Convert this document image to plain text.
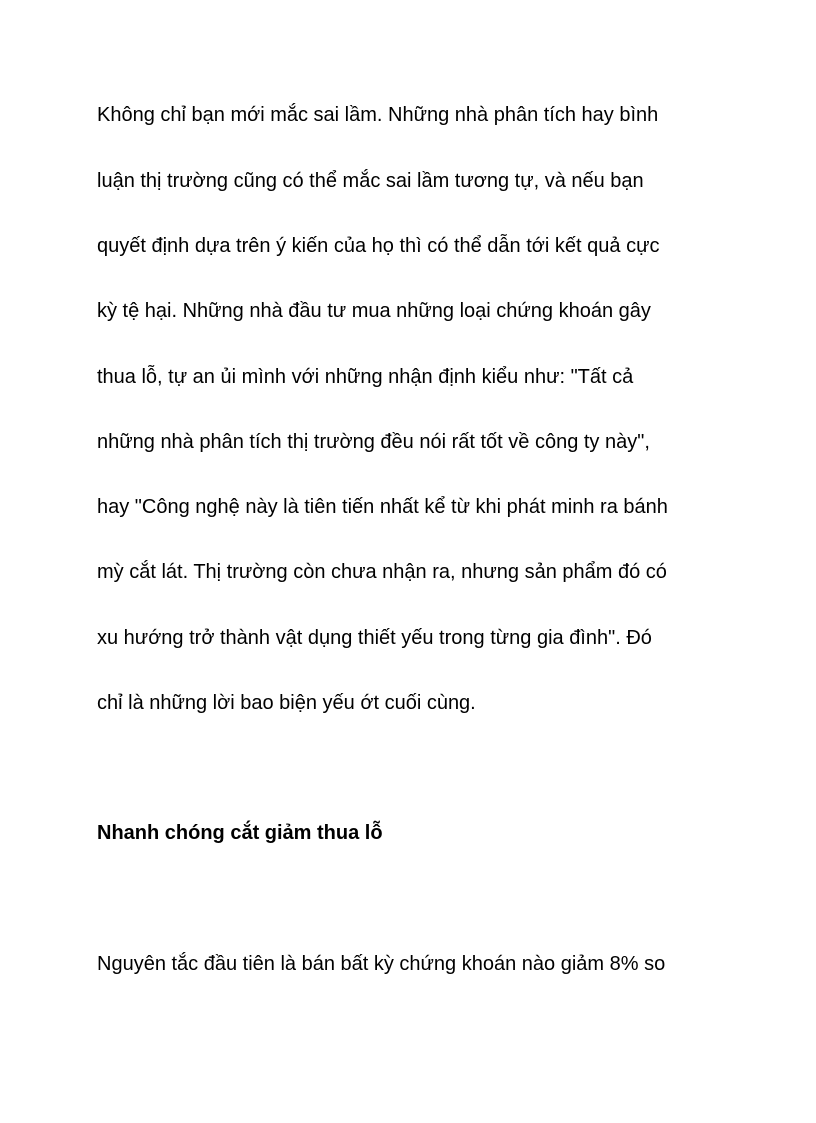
Không chỉ bạn mới mắc sai lầm. Những nhà phân tích hay bình
luận thị trường cũng có thể mắc sai lầm tương tự, và nếu bạn
quyết định dựa trên ý kiến của họ thì có thể dẫn tới kết quả cực
kỳ tệ hại. Những nhà đầu tư mua những loại chứng khoán gây
thua lỗ, tự an ủi mình với những nhận định kiểu như: "Tất cả
những nhà phân tích thị trường đều nói rất tốt về công ty này",
hay "Công nghệ này là tiên tiến nhất kể từ khi phát minh ra bánh
mỳ cắt lát. Thị trường còn chưa nhận ra, nhưng sản phẩm đó có
xu hướng trở thành vật dụng thiết yếu trong từng gia đình". Đó
chỉ là những lời bao biện yếu ớt cuối cùng.
Nhanh chóng cắt giảm thua lỗ
Nguyên tắc đầu tiên là bán bất kỳ chứng khoán nào giảm 8% so
